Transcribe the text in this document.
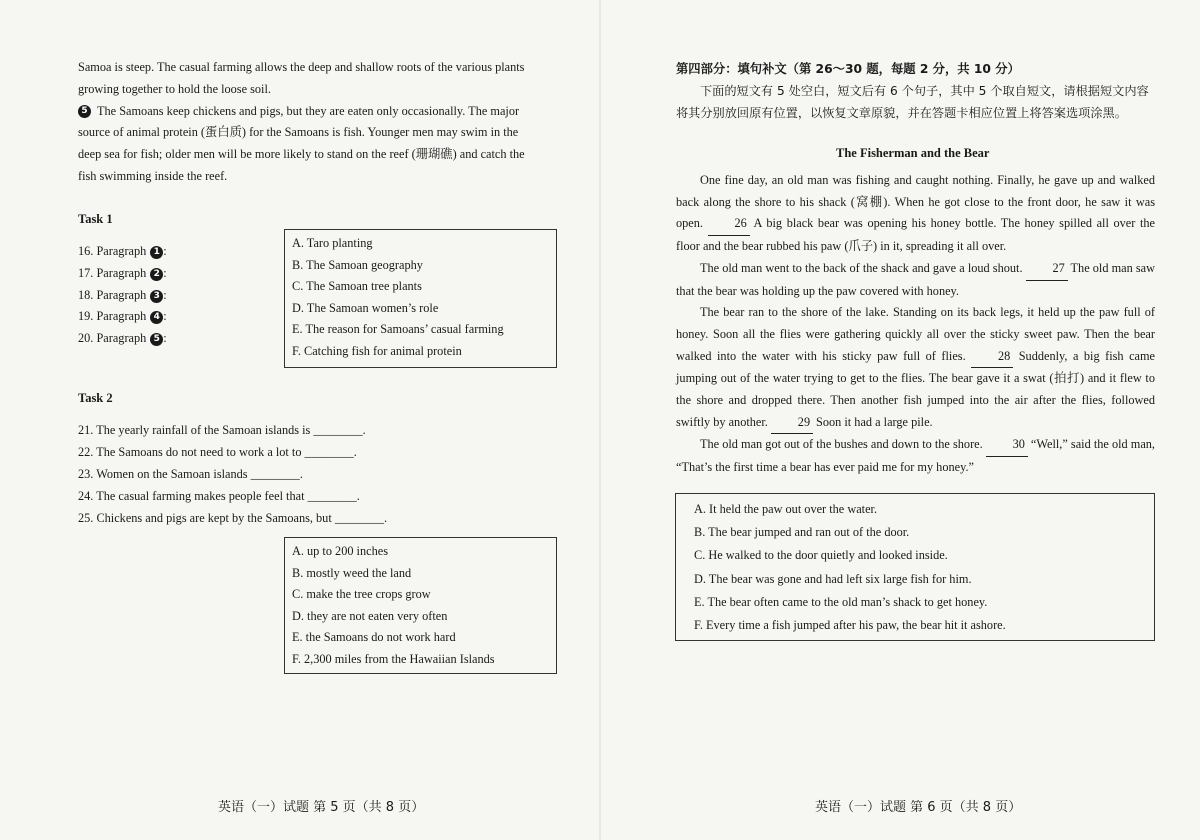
Samoa is steep. The casual farming allows the deep and shallow roots of the various plants

growing together to hold the loose soil.

5 The Samoans keep chickens and pigs, but they are eaten only occasionally. The major

source of animal protein (蛋白质) for the Samoans is fish. Younger men may swim in the

deep sea for fish; older men will be more likely to stand on the reef (珊瑚礁) and catch the

fish swimming inside the reef.

Task 1
16. Paragraph 1 :
17. Paragraph 2 :
18. Paragraph 3 :
19. Paragraph 4 :
20. Paragraph 5 :
A. Taro planting
B. The Samoan geography
C. The Samoan tree plants
D. The Samoan women’s role
E. The reason for Samoans’ casual farming
F. Catching fish for animal protein
Task 2
21. The yearly rainfall of the Samoan islands is ________.
22. The Samoans do not need to work a lot to ________.
23. Women on the Samoan islands ________.
24. The casual farming makes people feel that ________.
25. Chickens and pigs are kept by the Samoans, but ________.
A. up to 200 inches
B. mostly weed the land
C. make the tree crops grow
D. they are not eaten very often
E. the Samoans do not work hard
F. 2,300 miles from the Hawaiian Islands
英语（一）试题 第 5 页（共 8 页）
第四部分：填句补文（第 26～30 题，每题 2 分，共 10 分）
下面的短文有 5 处空白，短文后有 6 个句子，其中 5 个取自短文，请根据短文内容将其分别放回原有位置，以恢复文章原貌，并在答题卡相应位置上将答案选项涂黑。
The Fisherman and the Bear

One fine day, an old man was fishing and caught nothing. Finally, he gave up and walked back along the shore to his shack (窝棚). When he got close to the front door, he saw it was open.	26 A big black bear was opening his honey bottle. The honey spilled all over the floor and the bear rubbed his paw (爪子) in it, spreading it all over.

The old man went to the back of the shack and gave a loud shout. 27 The old man saw that the bear was holding up the paw covered with honey.

The bear ran to the shore of the lake. Standing on its back legs, it held up the paw full of honey. Soon all the flies were gathering quickly all over the sticky sweet paw. Then the bear walked into the water with his sticky paw full of flies.	28 Suddenly, a big fish came jumping out of the water trying to get to the flies. The bear gave it a swat (拍打) and it flew to the shore and dropped there. Then another fish jumped into the air after the flies, followed swiftly by another. 29 Soon it had a large pile.

The old man got out of the bushes and down to the shore. 30 “Well,” said the old man, “That’s the first time a bear has ever paid me for my honey.”

A. It held the paw out over the water.
B. The bear jumped and ran out of the door.
C. He walked to the door quietly and looked inside.
D. The bear was gone and had left six large fish for him.
E. The bear often came to the old man’s shack to get honey.
F. Every time a fish jumped after his paw, the bear hit it ashore.
英语（一）试题 第 6 页（共 8 页）
